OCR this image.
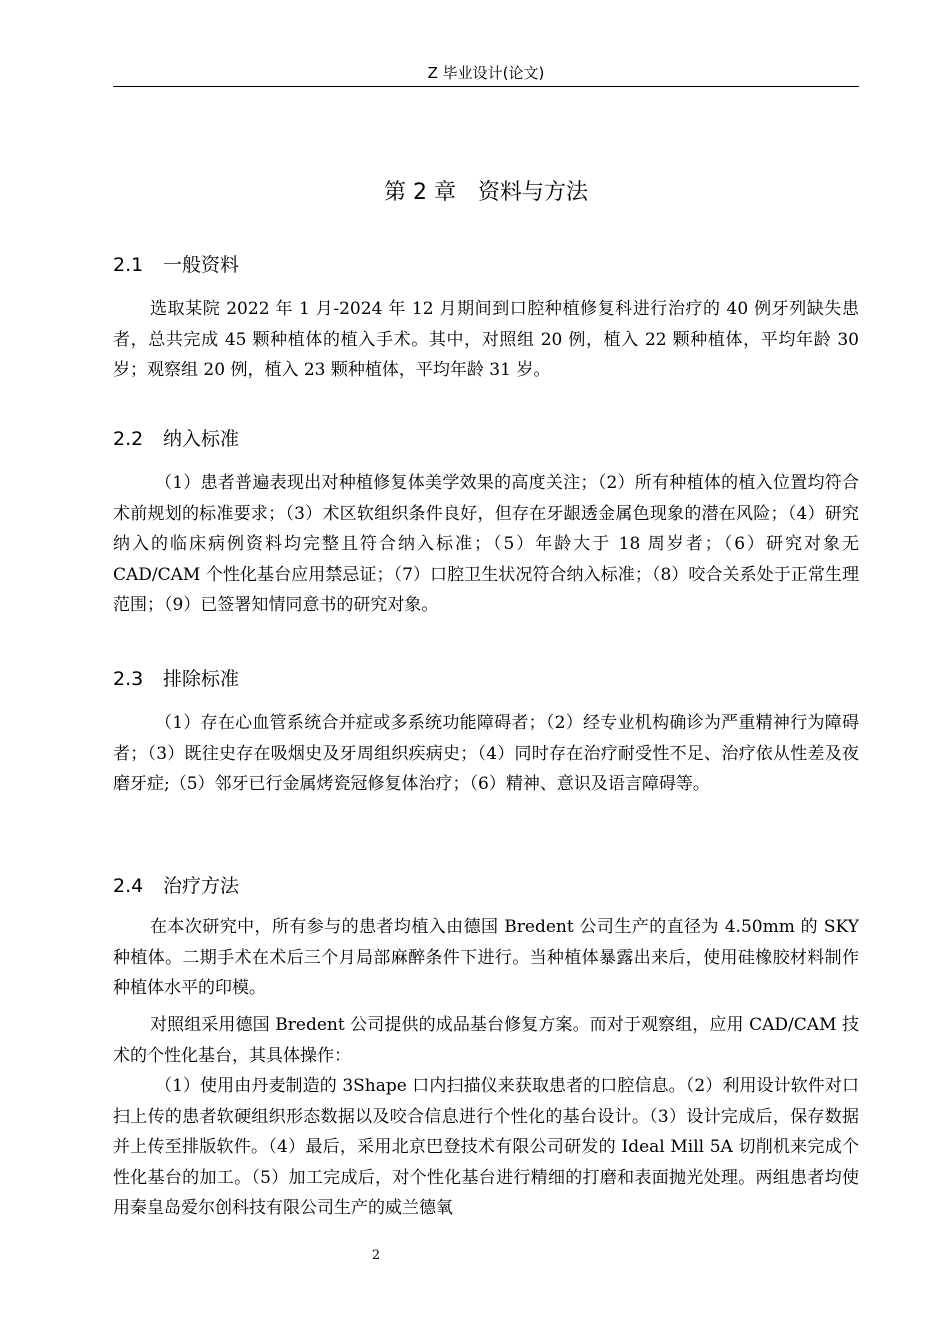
Z 毕业设计(论文)
第 2 章　资料与方法
2.1 一般资料
选取某院 2022 年 1 月-2024 年 12 月期间到口腔种植修复科进行治疗的 40 例牙列缺失患者，总共完成 45 颗种植体的植入手术。其中，对照组 20 例，植入 22 颗种植体，平均年龄 30 岁；观察组 20 例，植入 23 颗种植体，平均年龄 31 岁。
2.2 纳入标准
（1）患者普遍表现出对种植修复体美学效果的高度关注；（2）所有种植体的植入位置均符合术前规划的标准要求；（3）术区软组织条件良好，但存在牙龈透金属色现象的潜在风险；（4）研究纳入的临床病例资料均完整且符合纳入标准；（5）年龄大于 18 周岁者；（6）研究对象无 CAD/CAM 个性化基台应用禁忌证；（7）口腔卫生状况符合纳入标准；（8）咬合关系处于正常生理范围；（9）已签署知情同意书的研究对象。
2.3 排除标准
（1）存在心血管系统合并症或多系统功能障碍者；（2）经专业机构确诊为严重精神行为障碍者；（3）既往史存在吸烟史及牙周组织疾病史；（4）同时存在治疗耐受性不足、治疗依从性差及夜磨牙症;（5）邻牙已行金属烤瓷冠修复体治疗；（6）精神、意识及语言障碍等。
2.4 治疗方法
在本次研究中，所有参与的患者均植入由德国 Bredent 公司生产的直径为 4.50mm 的 SKY 种植体。二期手术在术后三个月局部麻醉条件下进行。当种植体暴露出来后，使用硅橡胶材料制作种植体水平的印模。
对照组采用德国 Bredent 公司提供的成品基台修复方案。而对于观察组，应用 CAD/CAM 技术的个性化基台，其具体操作：
（1）使用由丹麦制造的 3Shape 口内扫描仪来获取患者的口腔信息。（2）利用设计软件对口扫上传的患者软硬组织形态数据以及咬合信息进行个性化的基台设计。（3）设计完成后，保存数据并上传至排版软件。（4）最后，采用北京巴登技术有限公司研发的 Ideal Mill 5A 切削机来完成个性化基台的加工。（5）加工完成后，对个性化基台进行精细的打磨和表面抛光处理。两组患者均使用秦皇岛爱尔创科技有限公司生产的威兰德氧
2
